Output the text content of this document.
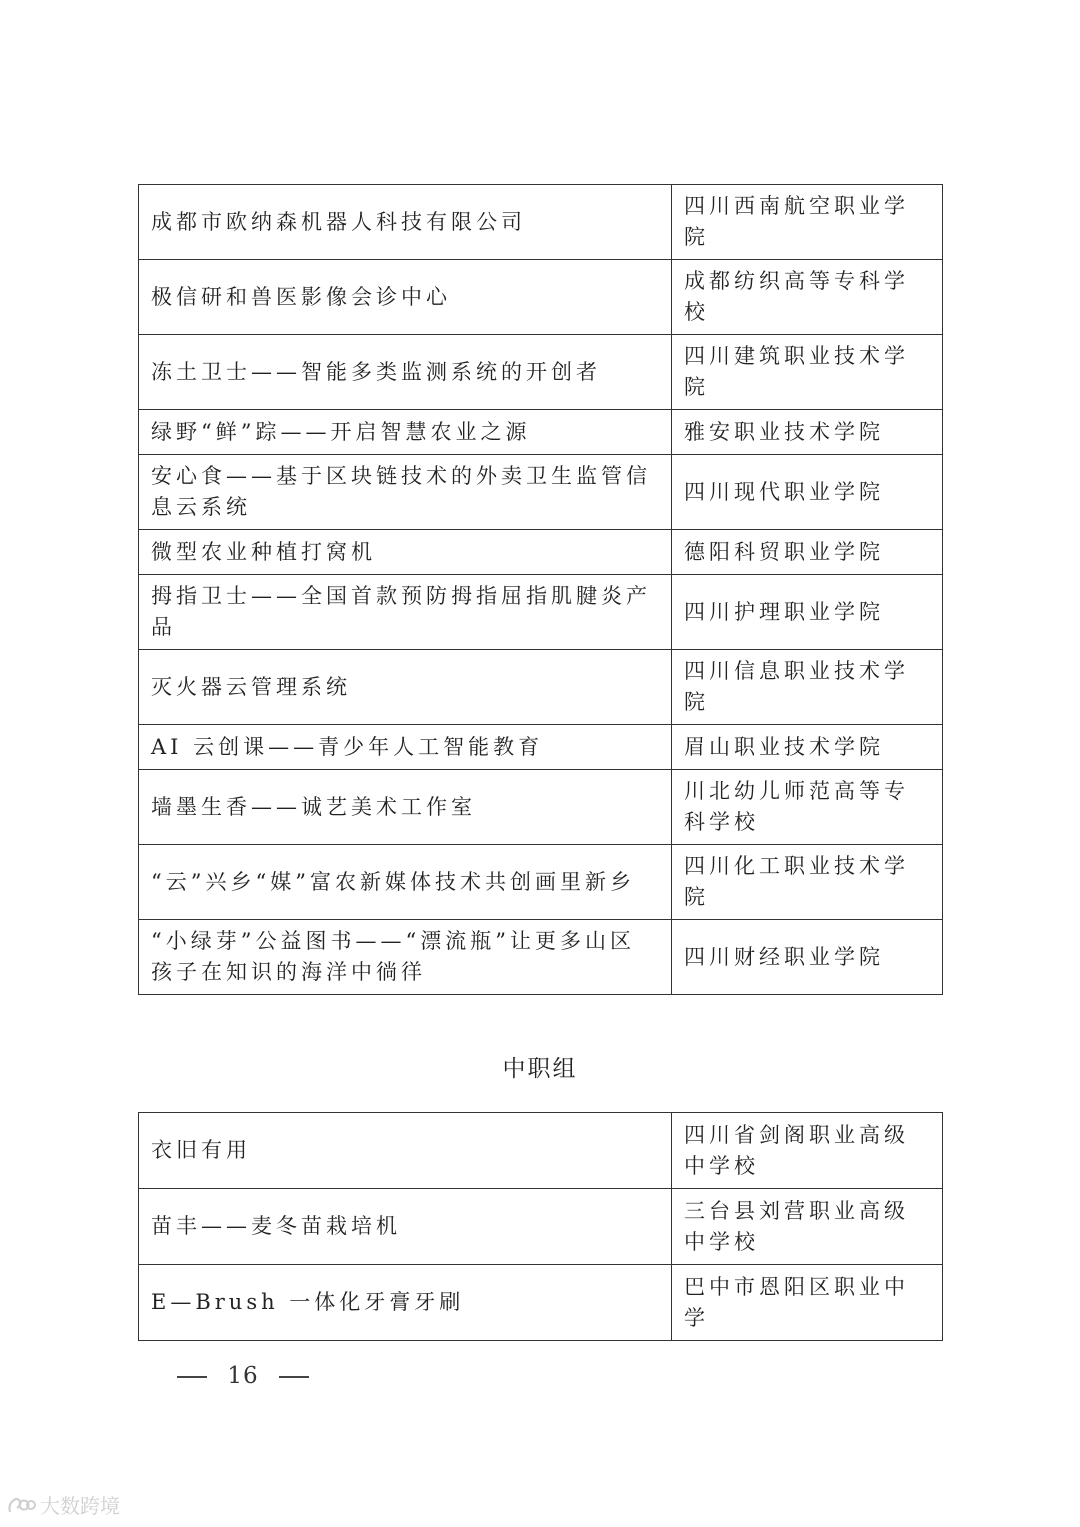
成都市欧纳森机器人科技有限公司	四川西南航空职业学院
极信研和兽医影像会诊中心	成都纺织高等专科学校
冻土卫士——智能多类监测系统的开创者	四川建筑职业技术学院
绿野“鲜”踪——开启智慧农业之源	雅安职业技术学院
安心食——基于区块链技术的外卖卫生监管信息云系统	四川现代职业学院
微型农业种植打窝机	德阳科贸职业学院
拇指卫士——全国首款预防拇指屈指肌腱炎产品	四川护理职业学院
灭火器云管理系统	四川信息职业技术学院
AI 云创课——青少年人工智能教育	眉山职业技术学院
墙墨生香——诚艺美术工作室	川北幼儿师范高等专科学校
“云”兴乡“媒”富农新媒体技术共创画里新乡	四川化工职业技术学院
“小绿芽”公益图书——“漂流瓶”让更多山区孩子在知识的海洋中徜徉	四川财经职业学院
中职组
衣旧有用	四川省剑阁职业高级中学校
苗丰——麦冬苗栽培机	三台县刘营职业高级中学校
E—Brush 一体化牙膏牙刷	巴中市恩阳区职业中学
16
大数跨境
